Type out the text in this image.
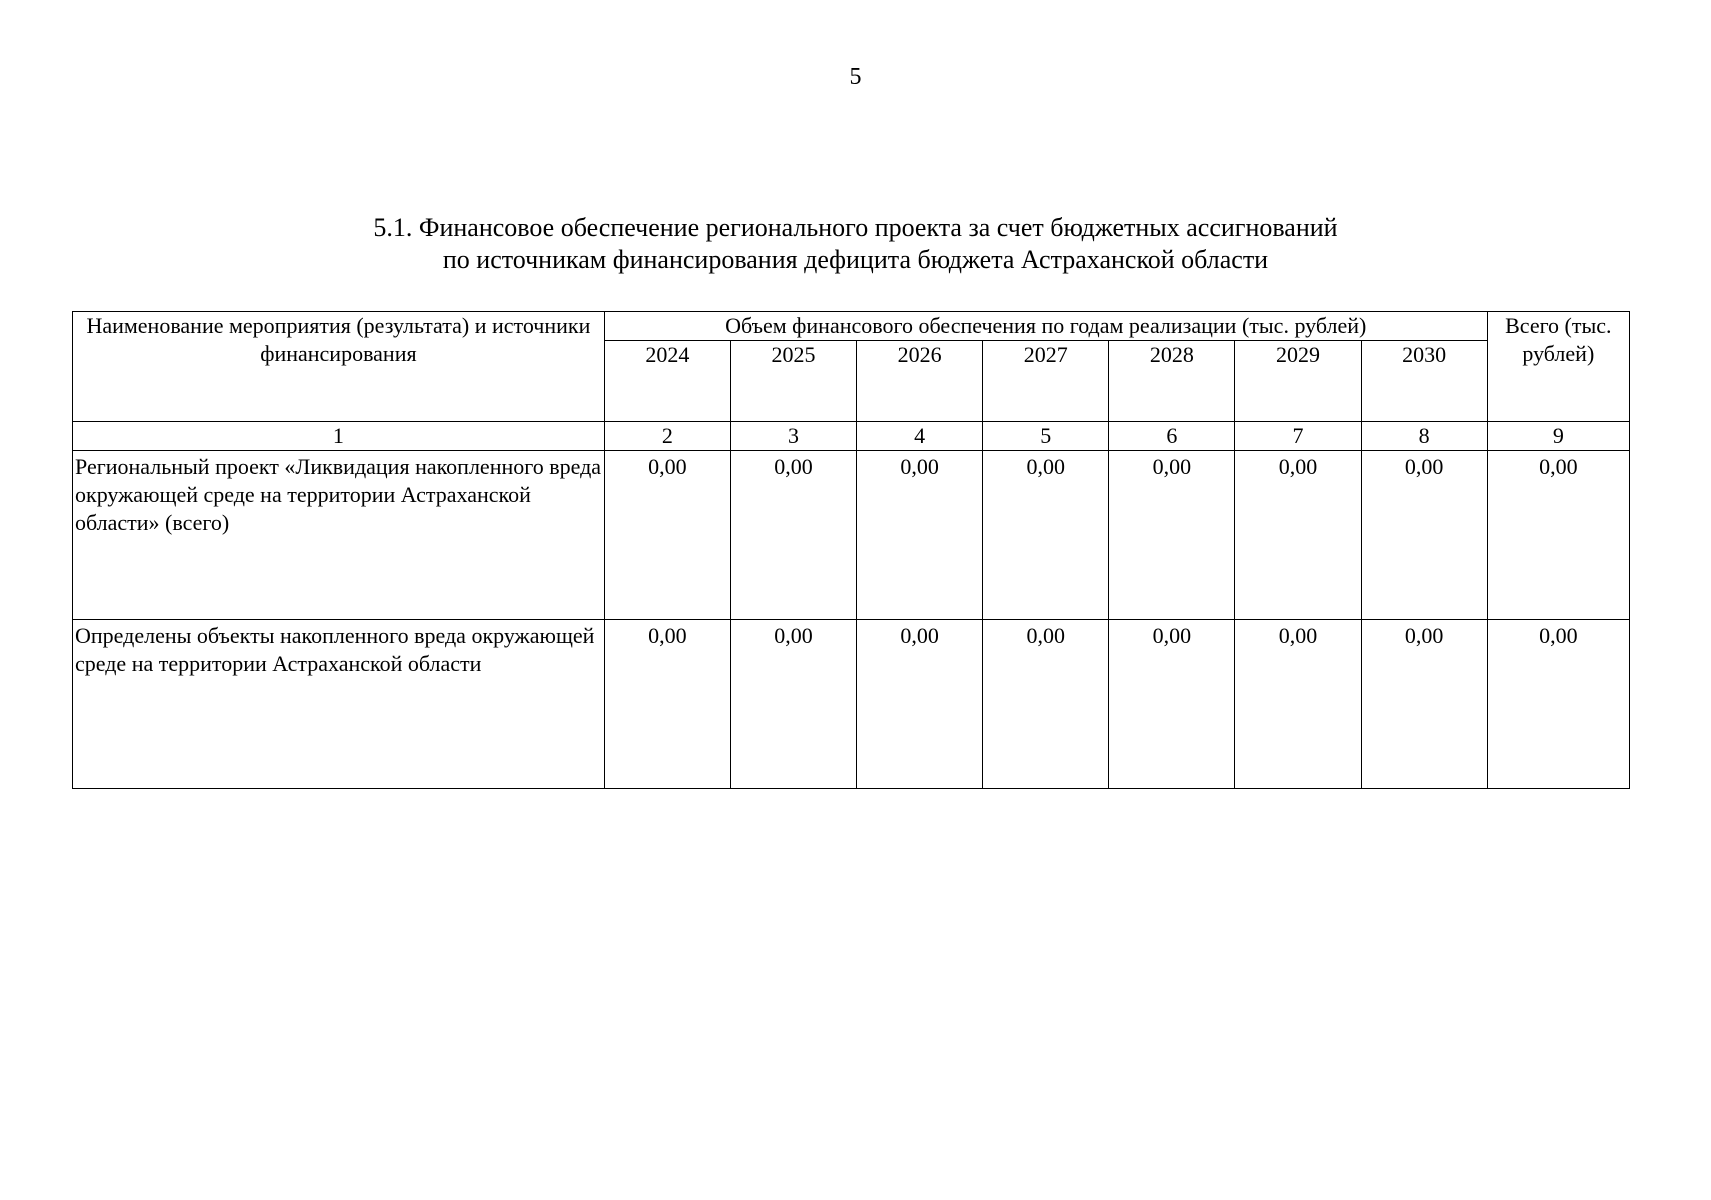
5
5.1. Финансовое обеспечение регионального проекта за счет бюджетных ассигнований
по источникам финансирования дефицита бюджета Астраханской области
Наименование мероприятия (результата) и источники финансирования	Объем финансового обеспечения по годам реализации (тыс. рублей)							Всего (тыс. рублей)
	2024	2025	2026	2027	2028	2029	2030	
1	2	3	4	5	6	7	8	9
Региональный проект «Ликвидация накопленного вреда окружающей среде на территории Астраханской области» (всего)	0,00	0,00	0,00	0,00	0,00	0,00	0,00	0,00
Определены объекты накопленного вреда окружающей среде на территории Астраханской области	0,00	0,00	0,00	0,00	0,00	0,00	0,00	0,00
